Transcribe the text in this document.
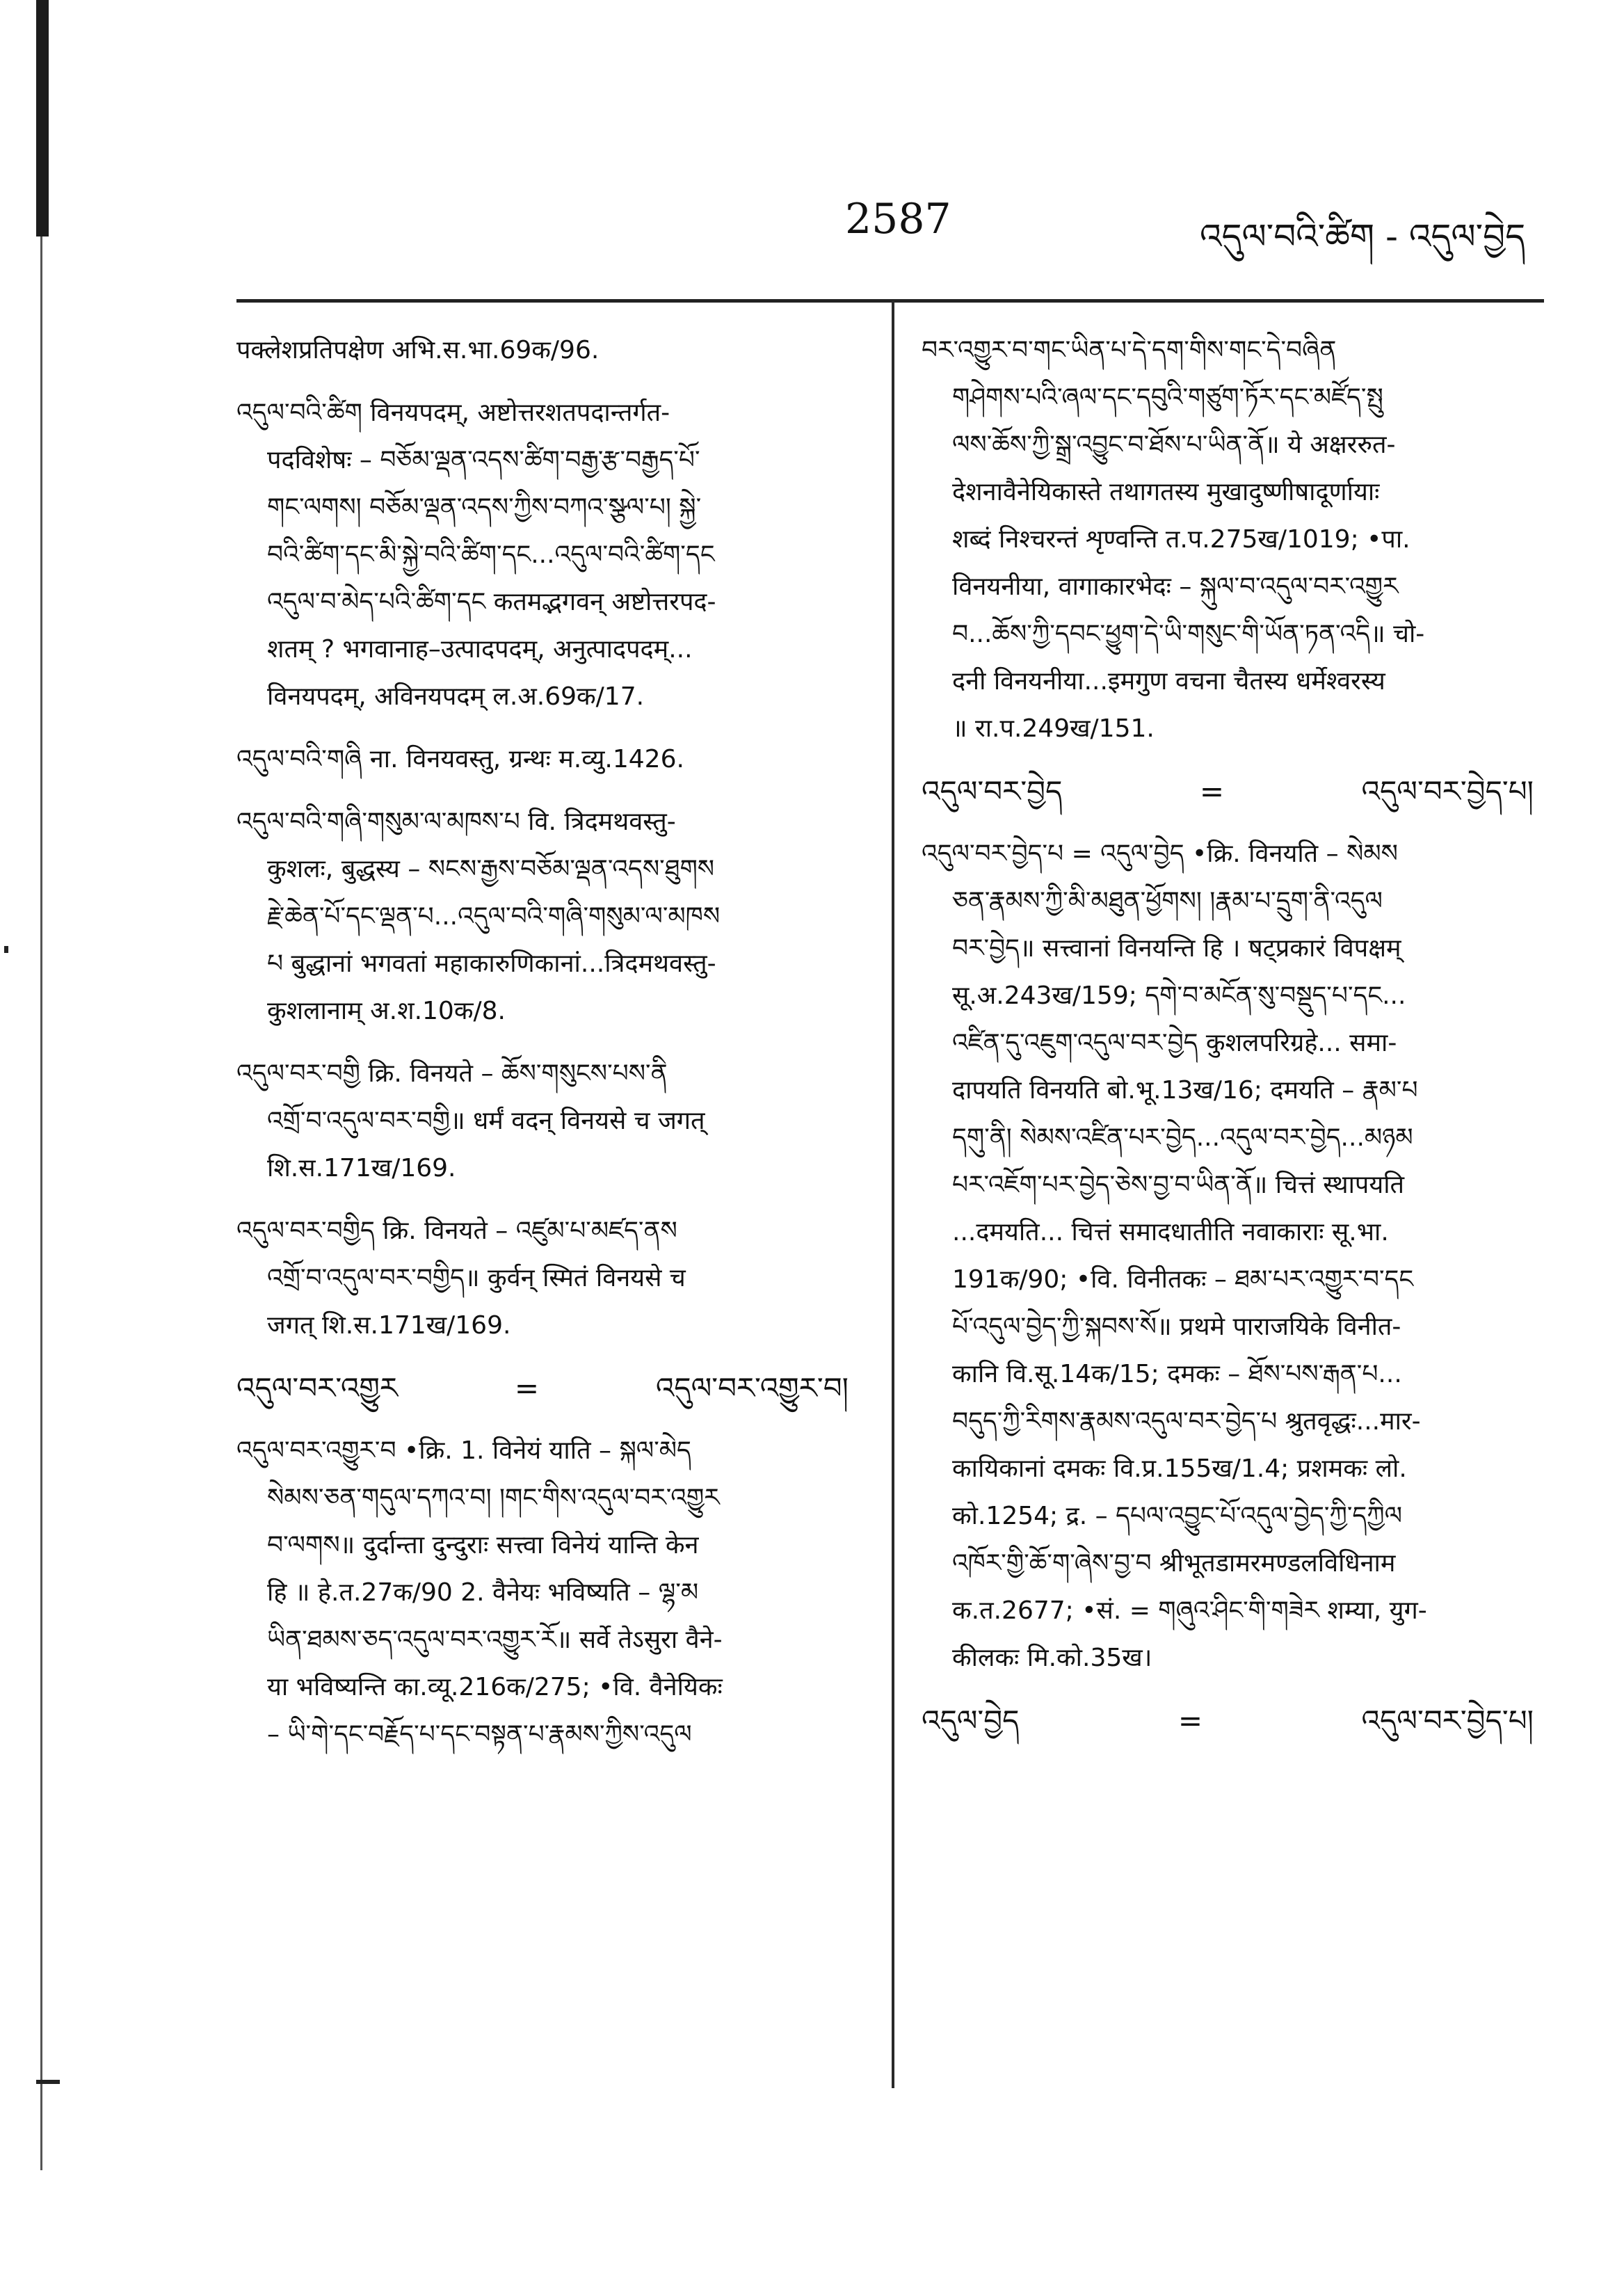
2587	འདུལ་བའི་ཚིག - འདུལ་བྱེད
पक्लेशप्रतिपक्षेण अभि.स.भा.69क/96.
འདུལ་བའི་ཚིག विनयपदम्, अष्टोत्तरशतपदान्तर्गत-
पदविशेषः – བཅོམ་ལྡན་འདས་ཚིག་བརྒྱ་རྩ་བརྒྱད་པོ་
གང་ལགས། བཅོམ་ལྡན་འདས་ཀྱིས་བཀའ་སྩལ་པ། སྐྱེ་
བའི་ཚིག་དང་མི་སྐྱེ་བའི་ཚིག་དང...འདུལ་བའི་ཚིག་དང
འདུལ་བ་མེད་པའི་ཚིག་དང कतमद्भगवन् अष्टोत्तरपद-
शतम् ? भगवानाह–उत्पादपदम्, अनुत्पादपदम्...
विनयपदम्, अविनयपदम् ल.अ.69क/17.
འདུལ་བའི་གཞི ना. विनयवस्तु, ग्रन्थः म.व्यु.1426.
འདུལ་བའི་གཞི་གསུམ་ལ་མཁས་པ वि. त्रिदमथवस्तु-
कुशलः, बुद्धस्य – སངས་རྒྱས་བཅོམ་ལྡན་འདས་ཐུགས
རྗེ་ཆེན་པོ་དང་ལྡན་པ...འདུལ་བའི་གཞི་གསུམ་ལ་མཁས
པ बुद्धानां भगवतां महाकारुणिकानां...त्रिदमथवस्तु-
कुशलानाम् अ.श.10क/8.
འདུལ་བར་བགྱི क्रि. विनयते – ཆོས་གསུངས་པས་ནི
འགྲོ་བ་འདུལ་བར་བགྱི॥ धर्मं वदन् विनयसे च जगत्
शि.स.171ख/169.
འདུལ་བར་བགྱིད क्रि. विनयते – འཛུམ་པ་མཛད་ནས
འགྲོ་བ་འདུལ་བར་བགྱིད॥ कुर्वन् स्मितं विनयसे च
जगत् शि.स.171ख/169.
འདུལ་བར་འགྱུར	=	འདུལ་བར་འགྱུར་བ།
འདུལ་བར་འགྱུར་བ •क्रि. 1. विनेयं याति – སྐལ་མེད
སེམས་ཅན་གདུལ་དཀའ་བ། །གང་གིས་འདུལ་བར་འགྱུར
བ་ལགས॥ दुर्दान्ता दुन्दुराः सत्त्वा विनेयं यान्ति केन
हि ॥ हे.त.27क/90 2. वैनेयः भविष्यति – ལྷ་མ
ཡིན་ཐམས་ཅད་འདུལ་བར་འགྱུར་རོ॥ सर्वे तेऽसुरा वैने-
या भविष्यन्ति का.व्यू.216क/275; •वि. वैनेयिकः
– ཡི་གེ་དང་བརྗོད་པ་དང་བསྟན་པ་རྣམས་ཀྱིས་འདུལ
བར་འགྱུར་བ་གང་ཡིན་པ་དེ་དག་གིས་གང་དེ་བཞིན
གཤེགས་པའི་ཞལ་དང་དབུའི་གཙུག་ཏོར་དང་མཛོད་སྤུ
ལས་ཆོས་ཀྱི་སྒྲ་འབྱུང་བ་ཐོས་པ་ཡིན་ནོ॥ ये अक्षररुत-
देशनावैनेयिकास्ते तथागतस्य मुखादुष्णीषादूर्णायाः
शब्दं निश्चरन्तं शृण्वन्ति त.प.275ख/1019; •पा.
विनयनीया, वागाकारभेदः – སྐུལ་བ་འདུལ་བར་འགྱུར
བ...ཆོས་ཀྱི་དབང་ཕྱུག་དེ་ཡི་གསུང་གི་ཡོན་ཏན་འདི॥ चो-
दनी विनयनीया...इमगुण वचना चैतस्य धर्मेश्वरस्य
॥ रा.प.249ख/151.
འདུལ་བར་བྱེད	=	འདུལ་བར་བྱེད་པ།
འདུལ་བར་བྱེད་པ = འདུལ་བྱེད •क्रि. विनयति – སེམས
ཅན་རྣམས་ཀྱི་མི་མཐུན་ཕྱོགས། །རྣམ་པ་དྲུག་ནི་འདུལ
བར་བྱེད॥ सत्त्वानां विनयन्ति हि । षट्प्रकारं विपक्षम्
सू.अ.243ख/159; དགེ་བ་མངོན་སུ་བསྡུད་པ་དང...
འཛིན་དུ་འཇུག་འདུལ་བར་བྱེད कुशलपरिग्रहे... समा-
दापयति विनयति बो.भू.13ख/16; दमयति – རྣམ་པ
དགུ་ནི། སེམས་འཛིན་པར་བྱེད...འདུལ་བར་བྱེད...མཉམ
པར་འཇོག་པར་བྱེད་ཅེས་བྱ་བ་ཡིན་ནོ॥ चित्तं स्थापयति
...दमयति... चित्तं समादधातीति नवाकाराः सू.भा.
191क/90; •वि. विनीतकः – ཐམ་པར་འགྱུར་བ་དང
པོ་འདུལ་བྱེད་ཀྱི་སྐབས་སོ॥ प्रथमे पाराजयिके विनीत-
कानि वि.सू.14क/15; दमकः – ཐོས་པས་རྒན་པ...
བདུད་ཀྱི་རིགས་རྣམས་འདུལ་བར་བྱེད་པ श्रुतवृद्धः...मार-
कायिकानां दमकः वि.प्र.155ख/1.4; प्रशमकः लो.
को.1254; द्र. – དཔལ་འབྱུང་པོ་འདུལ་བྱེད་ཀྱི་དཀྱིལ
འཁོར་གྱི་ཆོ་ག་ཞེས་བྱ་བ श्रीभूतडामरमण्डलविधिनाम
क.त.2677; •सं. = གཞུའ་ཤིང་གི་གཟེར शम्या, युग-
कीलकः मि.को.35ख।
འདུལ་བྱེད	=	འདུལ་བར་བྱེད་པ།
